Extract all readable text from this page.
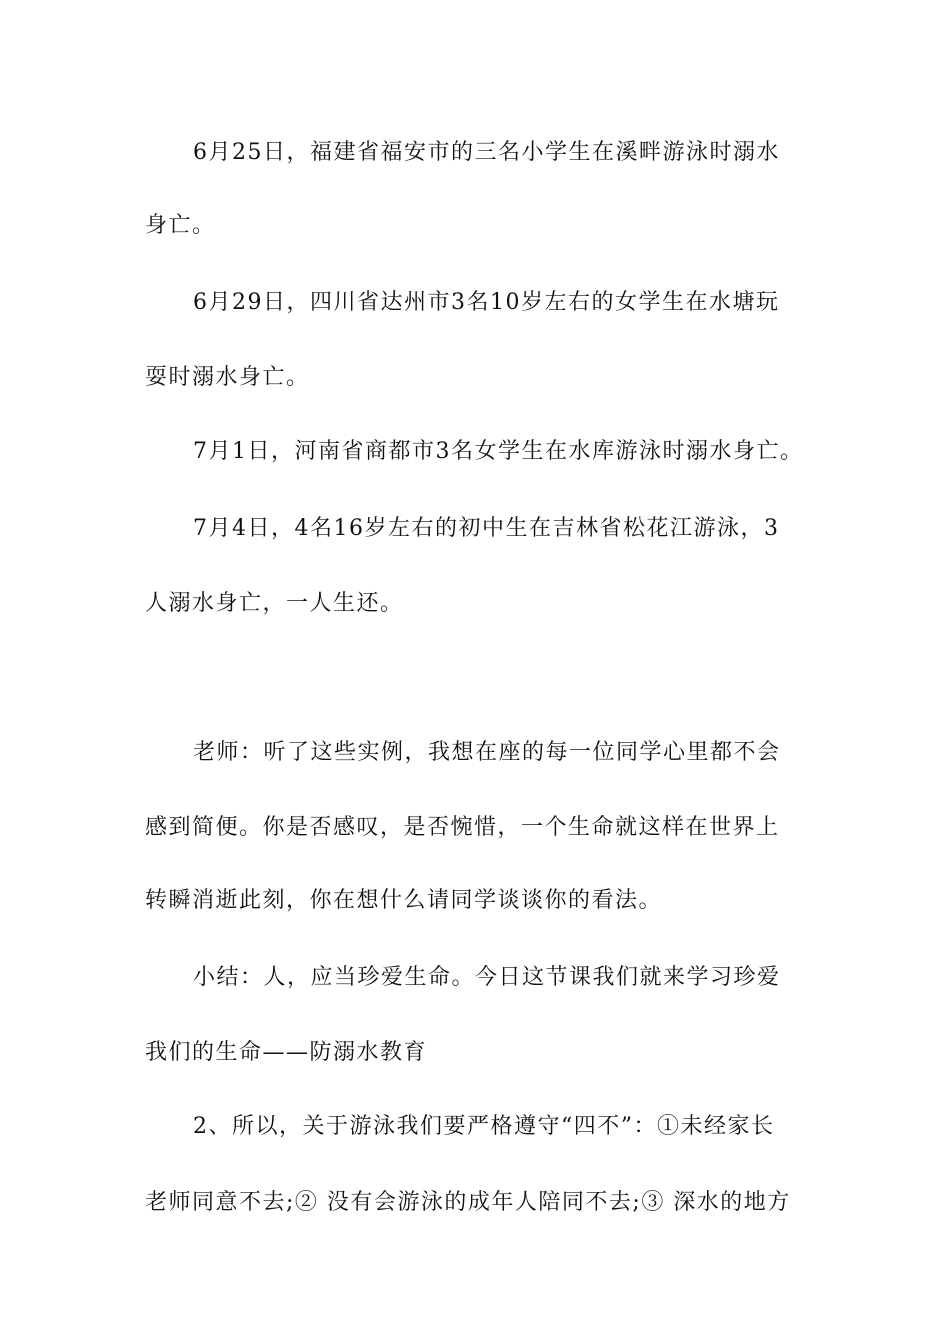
6月25日，福建省福安市的三名小学生在溪畔游泳时溺水
身亡。
6月29日，四川省达州市3名10岁左右的女学生在水塘玩
耍时溺水身亡。
7月1日，河南省商都市3名女学生在水库游泳时溺水身亡。
7月4日，4名16岁左右的初中生在吉林省松花江游泳，3
人溺水身亡，一人生还。
老师：听了这些实例，我想在座的每一位同学心里都不会
感到简便。你是否感叹，是否惋惜，一个生命就这样在世界上
转瞬消逝此刻，你在想什么请同学谈谈你的看法。
小结：人，应当珍爱生命。今日这节课我们就来学习珍爱
我们的生命——防溺水教育
2、所以，关于游泳我们要严格遵守“四不”：①未经家长
老师同意不去;② 没有会游泳的成年人陪同不去;③ 深水的地方
